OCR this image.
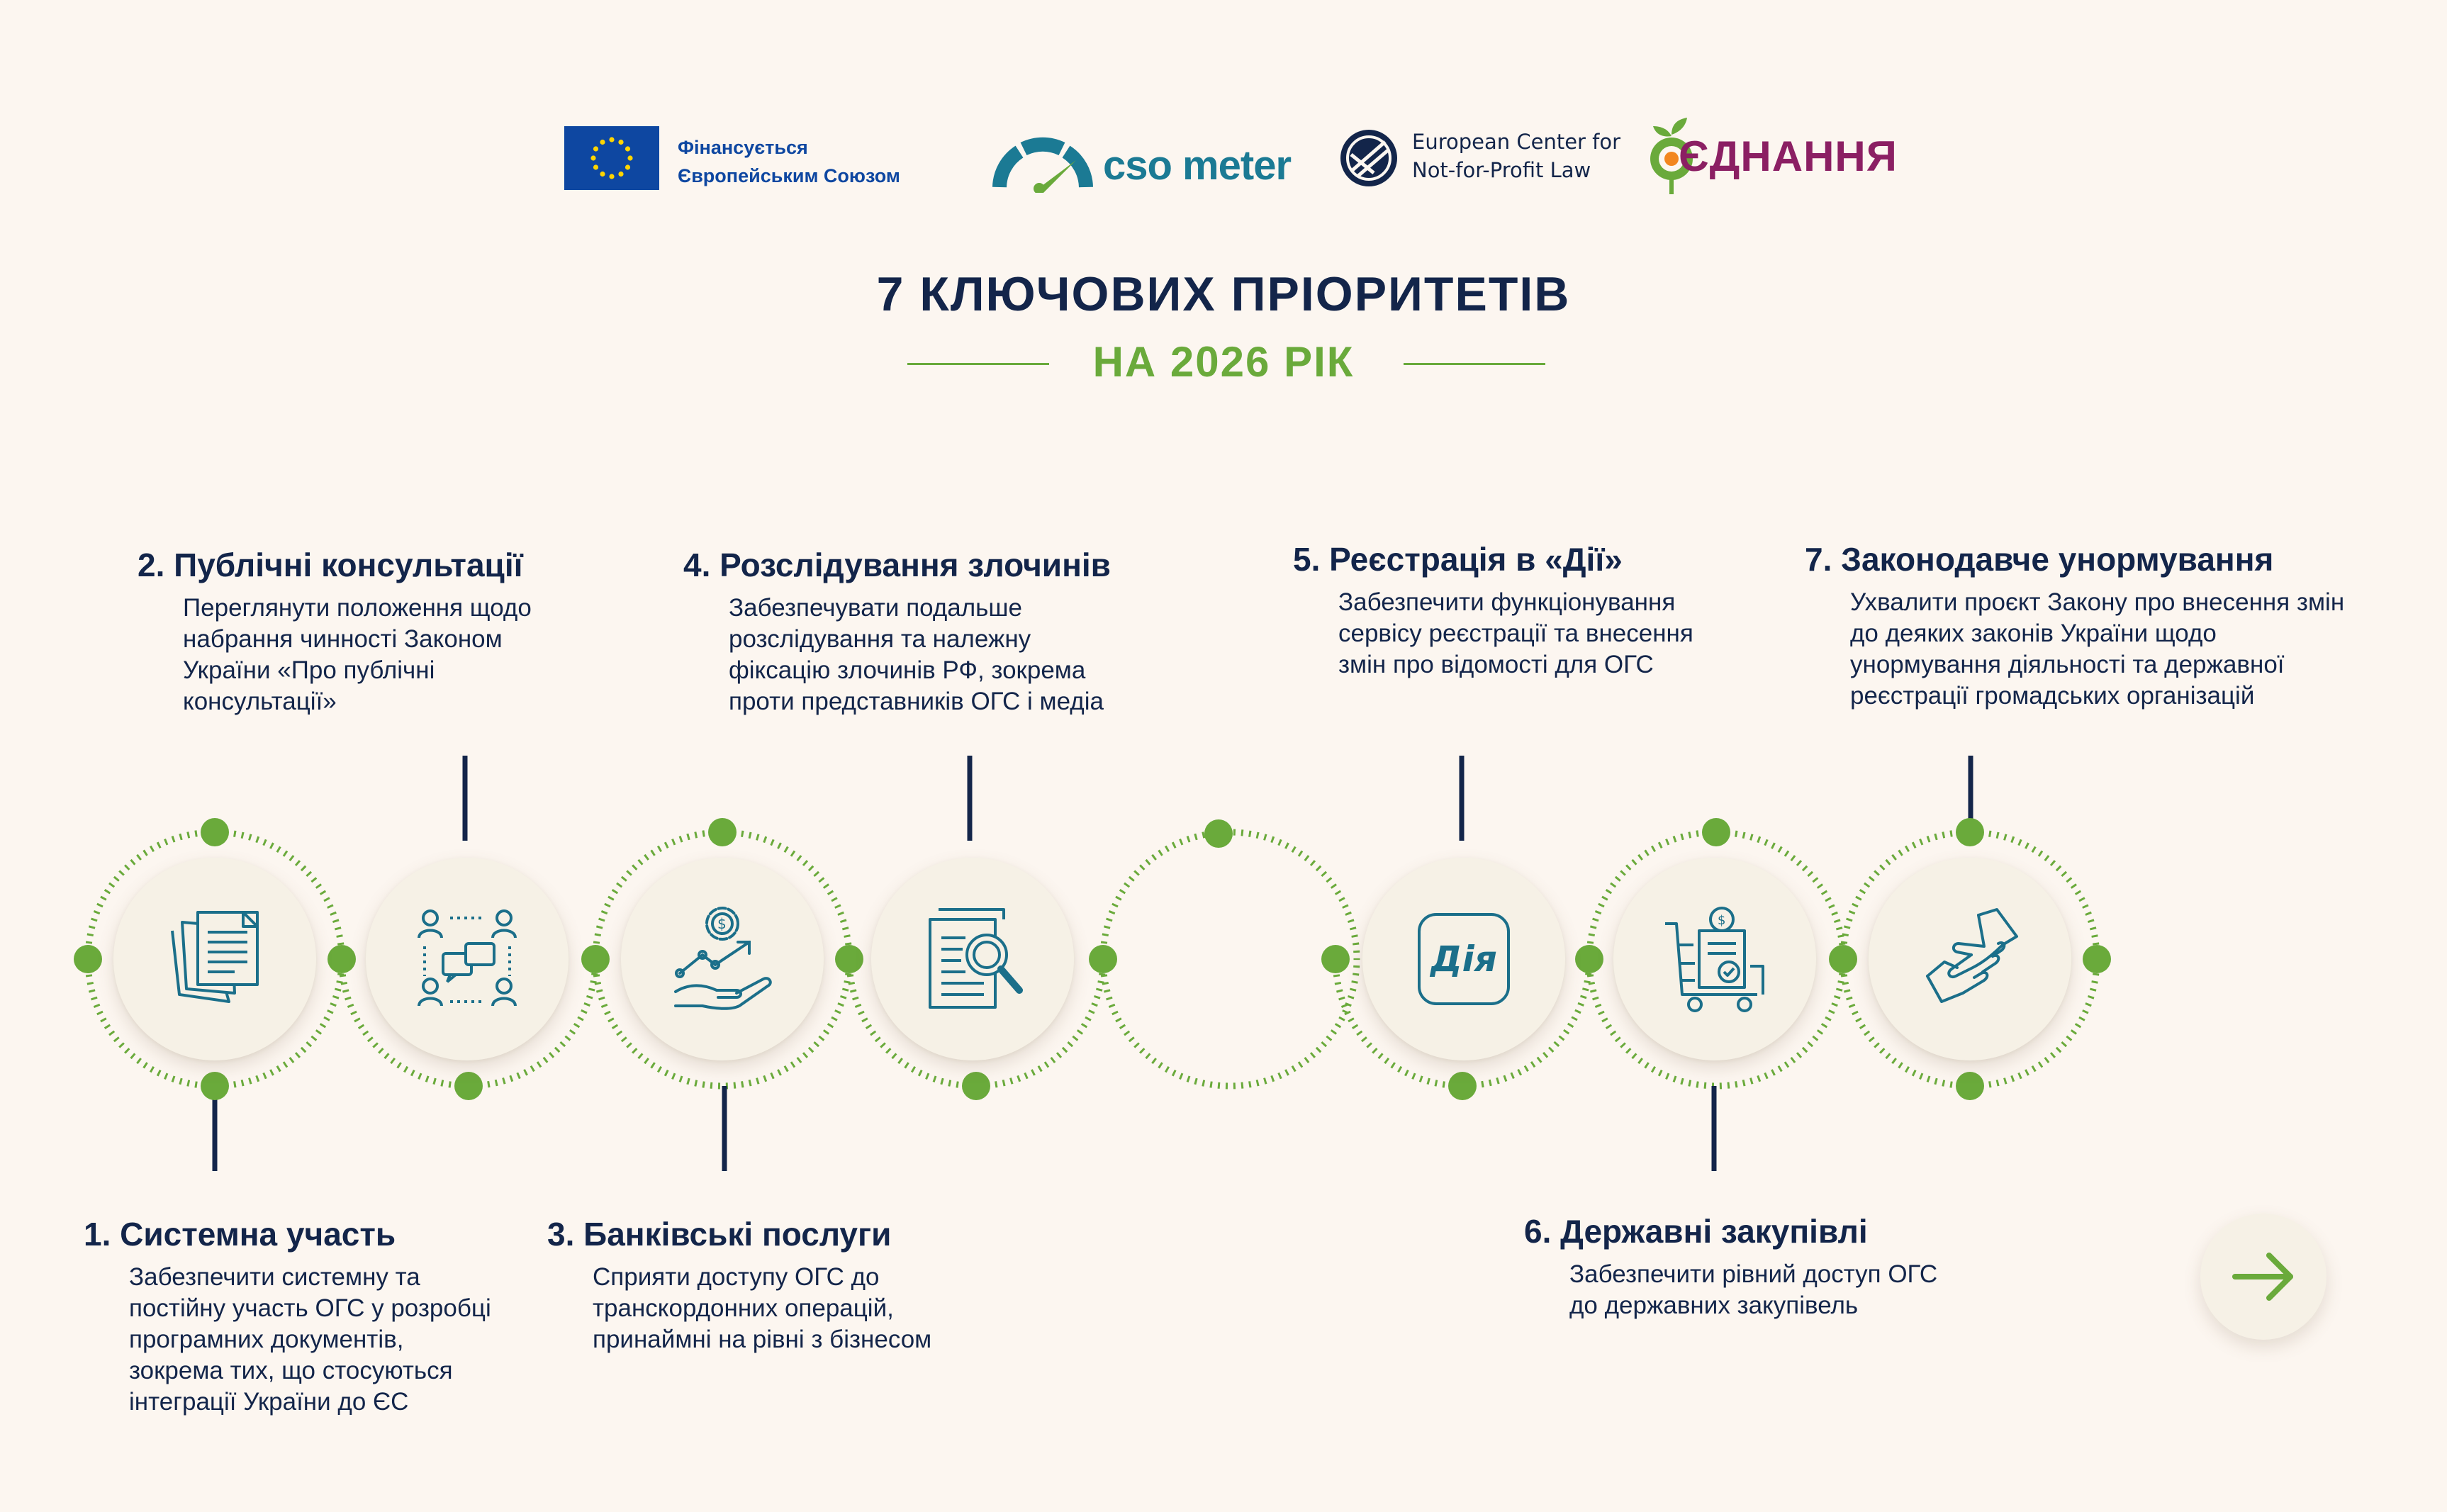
Фінансується
Європейським Союзом	cso meter
European Center for
Not-for-Profit Law	ЄДНАННЯ
7 КЛЮЧОВИХ ПРІОРИТЕТІВ
НА 2026 РІК
$
Дія
$
2. Публічні консультації
Переглянути положення щодо
набрання чинності Законом
України «Про публічні
консультації»
4. Розслідування злочинів
Забезпечувати подальше
розслідування та належну
фіксацію злочинів РФ, зокрема
проти представників ОГС і медіа
5. Реєстрація в «Дії»
Забезпечити функціонування
сервісу реєстрації та внесення
змін про відомості для ОГС
7. Законодавче унормування
Ухвалити проєкт Закону про внесення змін
до деяких законів України щодо
унормування діяльності та державної
реєстрації громадських організацій
1. Системна участь
Забезпечити системну та
постійну участь ОГС у розробці
програмних документів,
зокрема тих, що стосуються
інтеграції України до ЄС
3. Банківські послуги
Сприяти доступу ОГС до
транскордонних операцій,
принаймні на рівні з бізнесом
6. Державні закупівлі
Забезпечити рівний доступ ОГС
до державних закупівель
